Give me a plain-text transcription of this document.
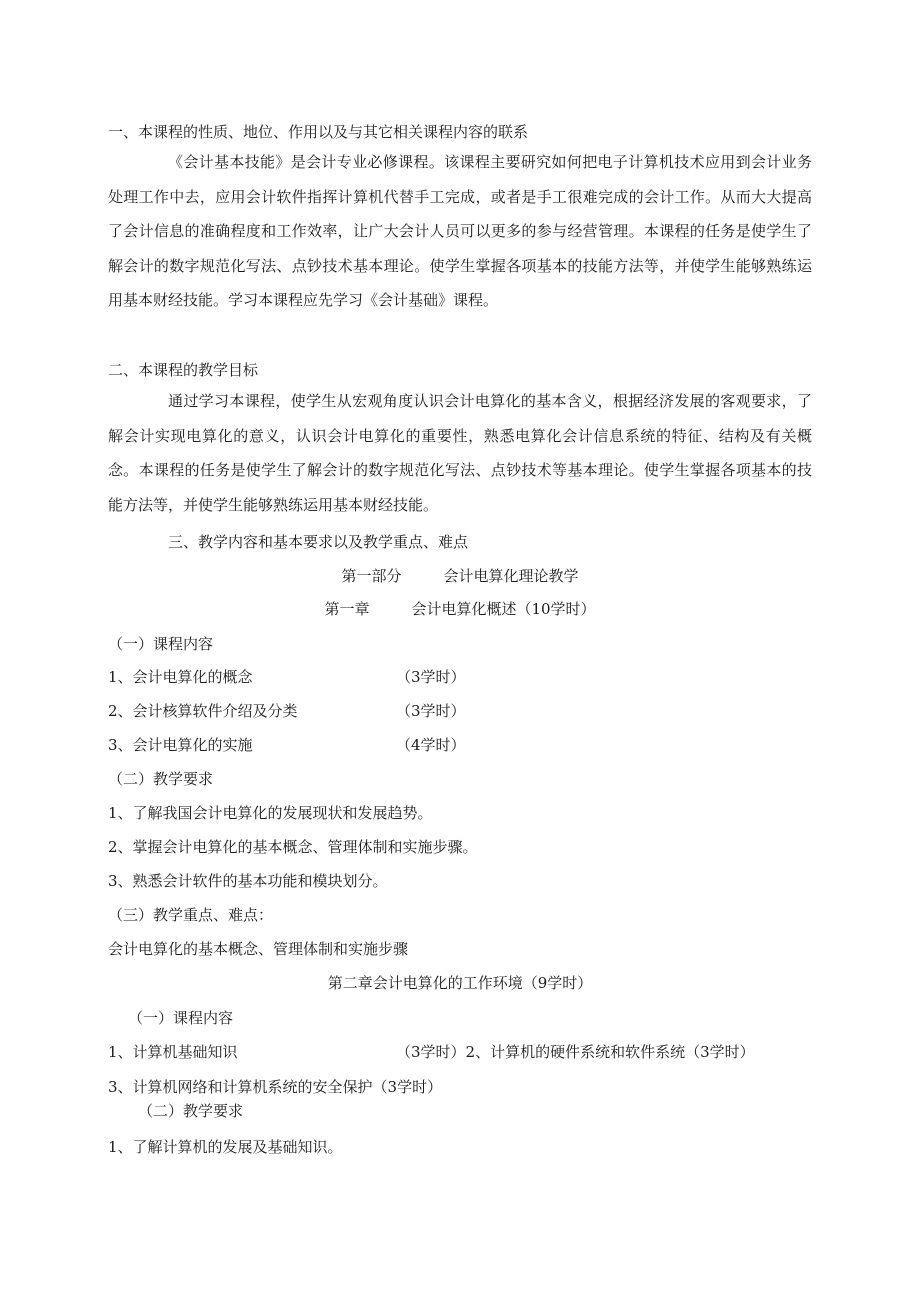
一、本课程的性质、地位、作用以及与其它相关课程内容的联系

《会计基本技能》是会计专业必修课程。该课程主要研究如何把电子计算机技术应用到会计业务处理工作中去，应用会计软件指挥计算机代替手工完成，或者是手工很难完成的会计工作。从而大大提高了会计信息的准确程度和工作效率，让广大会计人员可以更多的参与经营管理。本课程的任务是使学生了解会计的数字规范化写法、点钞技术基本理论。使学生掌握各项基本的技能方法等，并使学生能够熟练运用基本财经技能。学习本课程应先学习《会计基础》课程。

二、本课程的教学目标

通过学习本课程，使学生从宏观角度认识会计电算化的基本含义，根据经济发展的客观要求，了解会计实现电算化的意义，认识会计电算化的重要性，熟悉电算化会计信息系统的特征、结构及有关概念。本课程的任务是使学生了解会计的数字规范化写法、点钞技术等基本理论。使学生掌握各项基本的技能方法等，并使学生能够熟练运用基本财经技能。

三、教学内容和基本要求以及教学重点、难点
第一部分	会计电算化理论教学
第一章	会计电算化概述（10学时）
（一）课程内容
1、会计电算化的概念	（3学时）
2、会计核算软件介绍及分类	（3学时）
3、会计电算化的实施	（4学时）
（二）教学要求
1、了解我国会计电算化的发展现状和发展趋势。
2、掌握会计电算化的基本概念、管理体制和实施步骤。
3、熟悉会计软件的基本功能和模块划分。
（三）教学重点、难点：
会计电算化的基本概念、管理体制和实施步骤
第二章会计电算化的工作环境（9学时）
（一）课程内容
1、计算机基础知识	（3学时）2、计算机的硬件系统和软件系统（3学时）
3、计算机网络和计算机系统的安全保护（3学时）
（二）教学要求
1、了解计算机的发展及基础知识。
